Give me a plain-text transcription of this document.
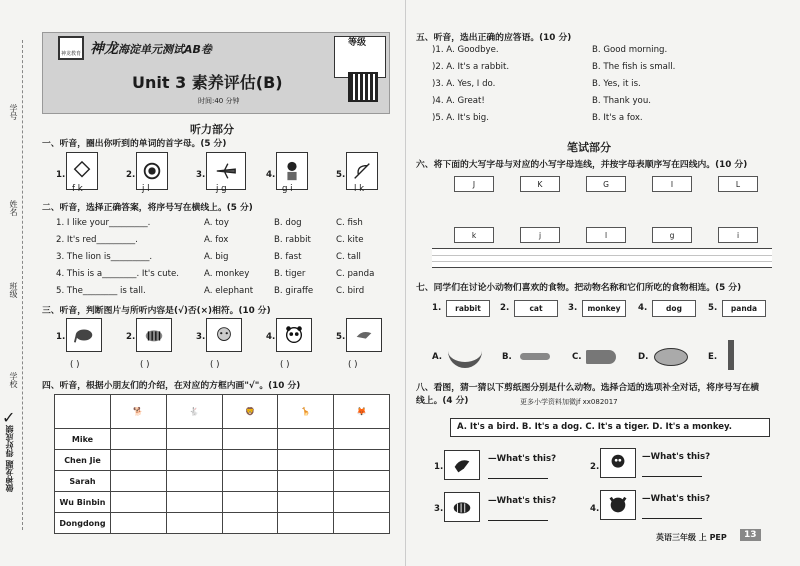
学号
姓名
班级
学校
做神龙题 得好成绩
✓
神龙教育	海淀单元测试AB卷
神龙	等级
Unit 3 素养评估(B)
时间:40 分钟
听力部分
一、听音，圈出你听到的单词的首字母。(5 分)
1.
f k
2.
j l
3.
j g
4.
g i
5.
l k
二、听音，选择正确答案，将序号写在横线上。(5 分)
1. I like your_________.	A. toy	B. dog	C. fish
2. It's red_________.	A. fox	B. rabbit	C. kite
3. The lion is_________.	A. big	B. fast	C. tall
4. This is a________. It's cute.	A. monkey	B. tiger	C. panda
5. The________ is tall.	A. elephant B. giraffe	C. bird
三、听音，判断图片与所听内容是(√)否(×)相符。(10 分)
1.	2.	3.	4.	5.
( )	( )	( )	( )	( )
四、听音，根据小朋友们的介绍，在对应的方框内画"√"。(10 分)
	🐕	🐇	🦁	🦒	🦊
Mike					
Chen Jie					
Sarah					
Wu Binbin					
Dongdong					
五、听音，选出正确的应答语。(10 分)
)1. A. Goodbye.	B. Good morning.
)2. A. It's a rabbit.	B. The fish is small.
)3. A. Yes, I do.	B. Yes, it is.
)4. A. Great!	B. Thank you.
)5. A. It's big.	B. It's a fox.
笔试部分
六、将下面的大写字母与对应的小写字母连线，并按字母表顺序写在四线内。(10 分)
J	K	G	I	L
k	j	l	g	i
七、同学们在讨论小动物们喜欢的食物。把动物名称和它们所吃的食物相连。(5 分)
1. rabbit 2.	cat	3. monkey 4.	dog	5. panda
A.	B.	C.	D.	E.
八、看图，猜一猜以下剪纸图分别是什么动物。选择合适的选项补全对话，将序号写在横线上。(4 分)	更多小学资料加微jf xx082017
A. It's a bird. B. It's a dog. C. It's a tiger. D. It's a monkey.
1.
—What's this?
2.
—What's this?
3.
—What's this?
4.
—What's this?
英语三年级 上 PEP	13
